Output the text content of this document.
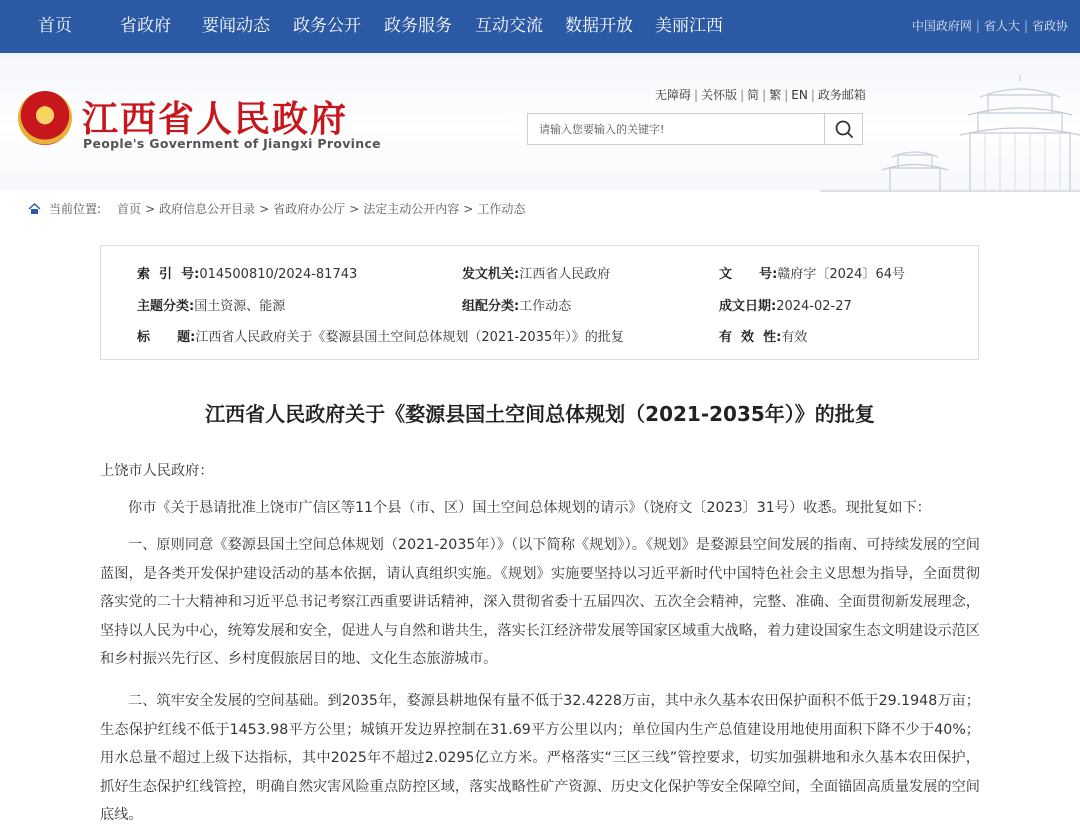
首页	省政府 要闻动态 政务公开 政务服务 互动交流 数据开放 美丽江西	中国政府网 | 省人大 | 省政协
★ 江西省人民政府
People's Government of Jiangxi Province
无障碍 | 关怀版 | 简 | 繁 | EN | 政务邮箱
请输入您要输入的关键字!
当前位置: 首页 > 政府信息公开目录 > 省政府办公厅 > 法定主动公开内容 > 工作动态
索  引  号:014500810/2024-81743	发文机关:江西省人民政府	文      号:赣府字〔2024〕64号
主题分类:国土资源、能源	组配分类:工作动态	成文日期:2024-02-27
标      题:江西省人民政府关于《婺源县国土空间总体规划（2021-2035年）》的批复	有  效  性:有效
江西省人民政府关于《婺源县国土空间总体规划（2021-2035年）》的批复
上饶市人民政府：
你市《关于恳请批准上饶市广信区等11个县（市、区）国土空间总体规划的请示》（饶府文〔2023〕31号）收悉。现批复如下：
一、原则同意《婺源县国土空间总体规划（2021-2035年）》（以下简称《规划》）。《规划》是婺源县空间发展的指南、可持续发展的空间蓝图，是各类开发保护建设活动的基本依据，请认真组织实施。《规划》实施要坚持以习近平新时代中国特色社会主义思想为指导，全面贯彻落实党的二十大精神和习近平总书记考察江西重要讲话精神，深入贯彻省委十五届四次、五次全会精神，完整、准确、全面贯彻新发展理念，坚持以人民为中心，统筹发展和安全，促进人与自然和谐共生，落实长江经济带发展等国家区域重大战略，着力建设国家生态文明建设示范区和乡村振兴先行区、乡村度假旅居目的地、文化生态旅游城市。
二、筑牢安全发展的空间基础。到2035年，婺源县耕地保有量不低于32.4228万亩，其中永久基本农田保护面积不低于29.1948万亩；生态保护红线不低于1453.98平方公里；城镇开发边界控制在31.69平方公里以内；单位国内生产总值建设用地使用面积下降不少于40%；用水总量不超过上级下达指标，其中2025年不超过2.0295亿立方米。严格落实“三区三线”管控要求，切实加强耕地和永久基本农田保护，抓好生态保护红线管控，明确自然灾害风险重点防控区域，落实战略性矿产资源、历史文化保护等安全保障空间，全面锚固高质量发展的空间底线。
